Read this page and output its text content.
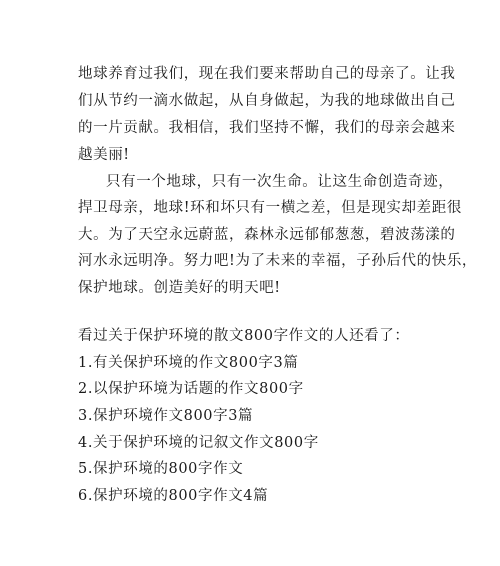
地球养育过我们，现在我们要来帮助自己的母亲了。让我
们从节约一滴水做起，从自身做起，为我的地球做出自己
的一片贡献。我相信，我们坚持不懈，我们的母亲会越来
越美丽!
只有一个地球，只有一次生命。让这生命创造奇迹，
捍卫母亲，地球!环和坏只有一横之差，但是现实却差距很
大。为了天空永远蔚蓝，森林永远郁郁葱葱，碧波荡漾的
河水永远明净。努力吧!为了未来的幸福，子孙后代的快乐，
保护地球。创造美好的明天吧!
看过关于保护环境的散文800字作文的人还看了：
1.有关保护环境的作文800字3篇
2.以保护环境为话题的作文800字
3.保护环境作文800字3篇
4.关于保护环境的记叙文作文800字
5.保护环境的800字作文
6.保护环境的800字作文4篇
